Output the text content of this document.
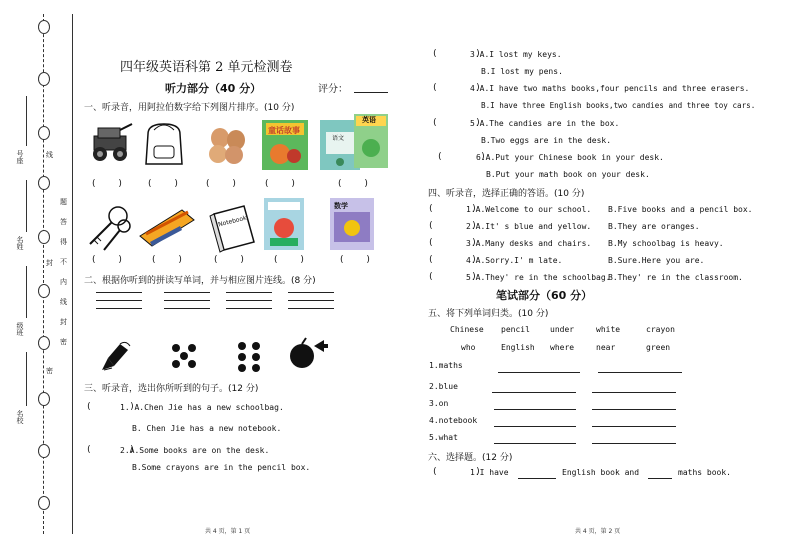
号座
名姓
级班
名校
线
封
密
题
答
得
不
内
线
封
密
四年级英语科第 2 单元检测卷
听力部分（40 分）	评分：
一、听录音，用阿拉伯数字给下列图片排序。(10 分)
童话故事
语文
英语
(        )	(        )	(        )	(        )	(        )
Notebook
数学
(        )	(        )	(        )	(        )	(        )
二、根据你听到的拼读写单词，并与相应图片连线。(8 分)
三、听录音，选出你所听到的句子。(12 分)
(       )
1. A.Chen Jie has a new schoolbag.
B. Chen Jie has a new notebook.
(       )
2.A.Some books are on the desk.
B.Some crayons are in the pencil box.
共 4 页，第 1 页
(       )
3.A.I lost my keys.
B.I lost my pens.
(       )
4.A.I have two maths books,four pencils and three erasers.
B.I have three English books,two candies and three toy cars.
(       )
5.A.The candies are in the box.
B.Two eggs are in the desk.
(       )
6.A.Put your Chinese book in your desk.
B.Put your math book on your desk.
四、听录音，选择正确的答语。(10 分)
(       )
1.A.Welcome to our school. B.Five books and a pencil box.
(       )
2.A.It' s blue and yellow. B.They are oranges.
(       )
3.A.Many desks and chairs. B.My schoolbag is heavy.
(       )
4.A.Sorry.I' m late.	B.Sure.Here you are.
(       )
5.A.They' re in the schoolbag.
B.They' re in the classroom.
笔试部分（60 分）
五、将下列单词归类。(10 分)
Chinese pencil	under	white	crayon
who	English where	near	green
1.maths
2.blue
3.on
4.notebook
5.what
六、选择题。(12 分)
(       )
1.I have	English book and	maths book.
共 4 页，第 2 页
